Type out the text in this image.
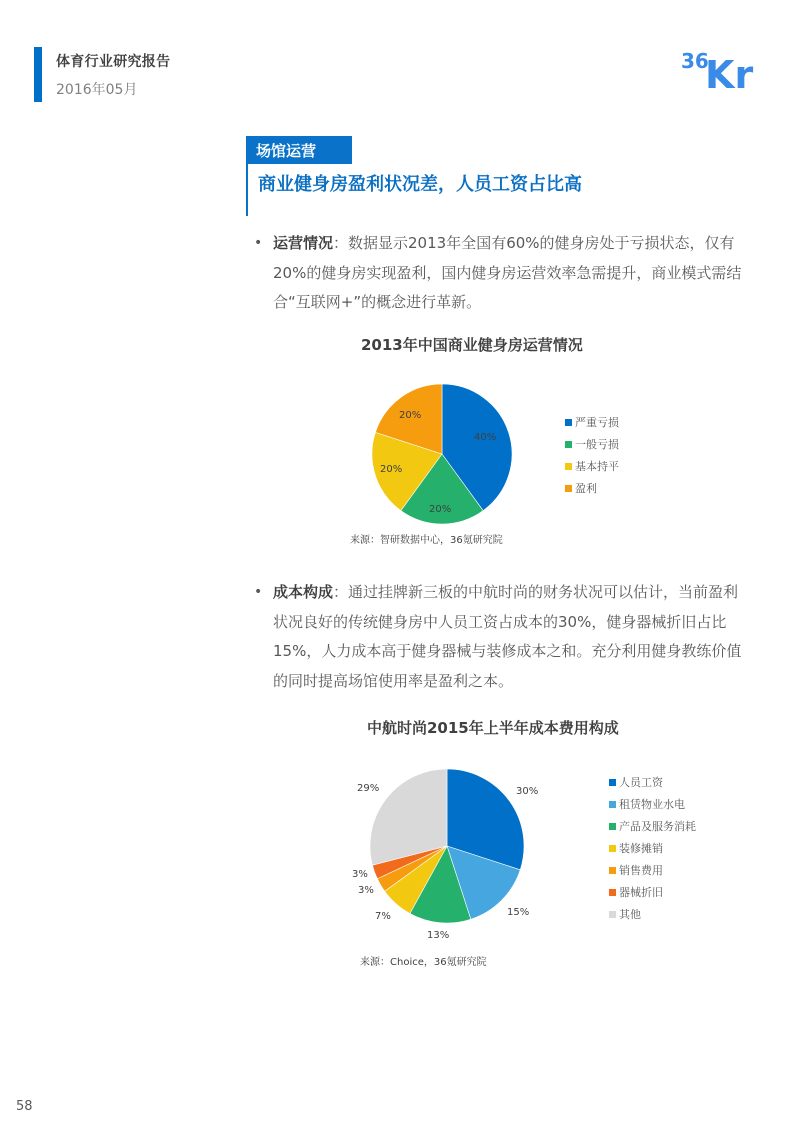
体育行业研究报告
2016年05月
36
Kr
场馆运营
商业健身房盈利状况差，人员工资占比高
• 运营情况：数据显示2013年全国有60%的健身房处于亏损状态，仅有20%的健身房实现盈利，国内健身房运营效率急需提升，商业模式需结合“互联网+”的概念进行革新。
2013年中国商业健身房运营情况
40%
20%
20%
20%
严重亏损
一般亏损
基本持平
盈利
来源：智研数据中心，36氪研究院
• 成本构成：通过挂牌新三板的中航时尚的财务状况可以估计，当前盈利状况良好的传统健身房中人员工资占成本的30%，健身器械折旧占比15%，人力成本高于健身器械与装修成本之和。充分利用健身教练价值的同时提高场馆使用率是盈利之本。
中航时尚2015年上半年成本费用构成
30%
15%
13%
7%
3%
3%
29%	人员工资
租赁物业水电
产品及服务消耗
装修摊销
销售费用
器械折旧
其他
来源：Choice，36氪研究院
58
